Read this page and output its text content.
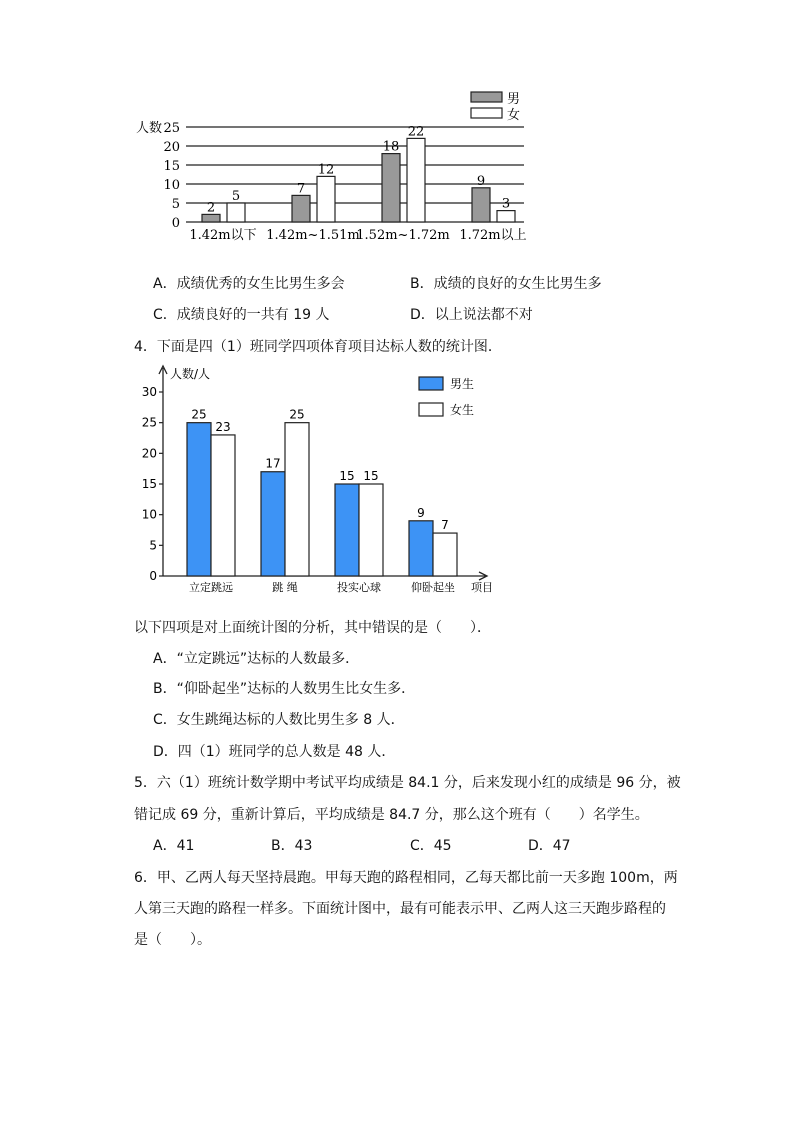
0
5
10
15
20
25
人数
2
5
1.42m以下
7
12
1.42m~1.51m
18
22
1.52m~1.72m
9
3
1.72m以上
男
女
A．成绩优秀的女生比男生多会	B．成绩的良好的女生比男生多
C．成绩良好的一共有 19 人	D．以上说法都不对
4．下面是四（1）班同学四项体育项目达标人数的统计图．
0
5
10
15
20
25
30
人数/人
项目
25
23
立定跳远
17
25
跳 绳
15 15
投实心球
9
7
仰卧起坐
男生
女生
以下四项是对上面统计图的分析，其中错误的是（　　）．
A．“立定跳远”达标的人数最多．
B．“仰卧起坐”达标的人数男生比女生多．
C．女生跳绳达标的人数比男生多 8 人．
D．四（1）班同学的总人数是 48 人．
5．六（1）班统计数学期中考试平均成绩是 84.1 分，后来发现小红的成绩是 96 分，被
错记成 69 分，重新计算后，平均成绩是 84.7 分，那么这个班有（　　）名学生。
A．41	B．43	C．45	D．47
6．甲、乙两人每天坚持晨跑。甲每天跑的路程相同，乙每天都比前一天多跑 100m，两
人第三天跑的路程一样多。下面统计图中，最有可能表示甲、乙两人这三天跑步路程的
是（　　）。
